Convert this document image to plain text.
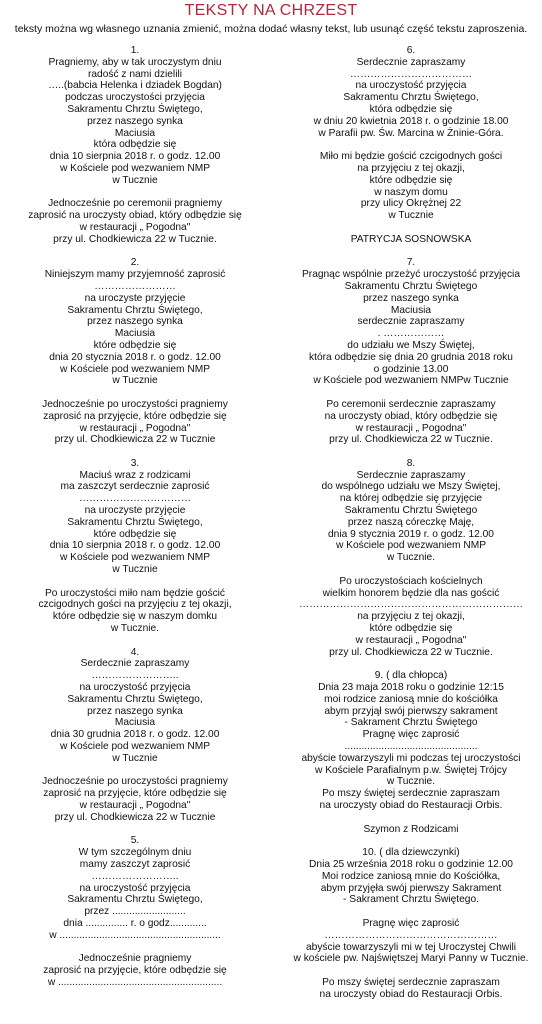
TEKSTY NA CHRZEST
teksty można wg własnego uznania zmienić, można dodać własny tekst, lub usunąć część tekstu zaproszenia.
1.
Pragniemy, aby w tak uroczystym dniu
radość z nami dzielili
…..(babcia Helenka i dziadek Bogdan)
podczas uroczystości przyjęcia
Sakramentu Chrztu Świętego,
przez naszego synka
Maciusia
która odbędzie się
dnia 10 sierpnia 2018 r. o godz. 12.00
w Kościele pod wezwaniem NMP
w Tucznie
Jednocześnie po ceremonii pragniemy
zaprosić na uroczysty obiad, który odbędzie się
w restauracji „ Pogodna"
przy ul. Chodkiewicza 22 w Tucznie.
2.
Niniejszym mamy przyjemność zaprosić
……………………
na uroczyste przyjęcie
Sakramentu Chrztu Świętego,
przez naszego synka
Maciusia
które odbędzie się
dnia 20 stycznia 2018 r. o godz. 12.00
w Kościele pod wezwaniem NMP
w Tucznie
Jednocześnie po uroczystości pragniemy
zaprosić na przyjęcie, które odbędzie się
w restauracji „ Pogodna"
przy ul. Chodkiewicza 22 w Tucznie
3.
Maciuś wraz z rodzicami
ma zaszczyt serdecznie zaprosić
……………………………
na uroczyste przyjęcie
Sakramentu Chrztu Świętego,
które odbędzie się
dnia 10 sierpnia 2018 r. o godz. 12.00
w Kościele pod wezwaniem NMP
w Tucznie
Po uroczystości miło nam będzie gościć
czcigodnych gości na przyjęciu z tej okazji,
które odbędzie się w naszym domku
w Tucznie.
4.
Serdecznie zapraszamy
……………………..
na uroczystość przyjęcia
Sakramentu Chrztu Świętego,
przez naszego synka
Maciusia
dnia 30 grudnia 2018 r. o godz. 12.00
w Kościele pod wezwaniem NMP
w Tucznie
Jednocześnie po uroczystości pragniemy
zaprosić na przyjęcie, które odbędzie się
w restauracji „ Pogodna"
przy ul. Chodkiewicza 22 w Tucznie
5.
W tym szczególnym dniu
mamy zaszczyt zaprosić
……………………..
na uroczystość przyjęcia
Sakramentu Chrztu Świętego,
przez ..........................
dnia ............... r. o godz.............
w .........................................................
Jednocześnie pragniemy
zaprosić na przyjęcie, które odbędzie się
w ..........................................................
6.
Serdecznie zapraszamy
………………………………
na uroczystość przyjęcia
Sakramentu Chrztu Świętego,
która odbędzie się
w dniu 20 kwietnia 2018 r. o godzinie 18.00
w Parafii pw. Św. Marcina w Żninie-Góra.
Miło mi będzie gościć czcigodnych gości
na przyjęciu z tej okazji,
które odbędzie się
w naszym domu
przy ulicy Okrężnej 22
w Tucznie
PATRYCJA SOSNOWSKA
7.
Pragnąc wspólnie przeżyć uroczystość przyjęcia
Sakramentu Chrztu Świętego
przez naszego synka
Maciusia
serdecznie zapraszamy
. ………………
do udziału we Mszy Świętej,
która odbędzie się dnia 20 grudnia 2018 roku
o godzinie 13.00
w Kościele pod wezwaniem NMPw Tucznie
Po ceremonii serdecznie zapraszamy
na uroczysty obiad, który odbędzie się
w restauracji „ Pogodna"
przy ul. Chodkiewicza 22 w Tucznie.
8.
Serdecznie zapraszamy
do wspólnego udziału we Mszy Świętej,
na której odbędzie się przyjęcie
Sakramentu Chrztu Świętego
przez naszą córeczkę Maję,
dnia 9 stycznia 2019 r. o godz. 12.00
w Kościele pod wezwaniem NMP
w Tucznie.
Po uroczystościach kościelnych
wielkim honorem będzie dla nas gościć
…………………………………………………………
na przyjęciu z tej okazji,
które odbędzie się
w restauracji „ Pogodna"
przy ul. Chodkiewicza 22 w Tucznie.
9. ( dla chłopca)
Dnia 23 maja 2018 roku o godzinie 12:15
moi rodzice zaniosą mnie do kościółka
abym przyjął swój pierwszy sakrament
- Sakrament Chrztu Świętego
Pragnę więc zaprosić
...............................................
abyście towarzyszyli mi podczas tej uroczystości
w Kościele Parafialnym p.w. Świętej Trójcy
w Tucznie.
Po mszy świętej serdecznie zapraszam
na uroczysty obiad do Restauracji Orbis.
Szymon z Rodzicami
10. ( dla dziewczynki)
Dnia 25 września 2018 roku o godzinie 12.00
Moi rodzice zaniosą mnie do Kościółka,
abym przyjęła swój pierwszy Sakrament
- Sakrament Chrztu Świętego.
Pragnę więc zaprosić
……………………………………………
abyście towarzyszyli mi w tej Uroczystej Chwili
w kościele pw. Najświętszej Maryi Panny w Tucznie.
Po mszy świętej serdecznie zapraszam
na uroczysty obiad do Restauracji Orbis.
